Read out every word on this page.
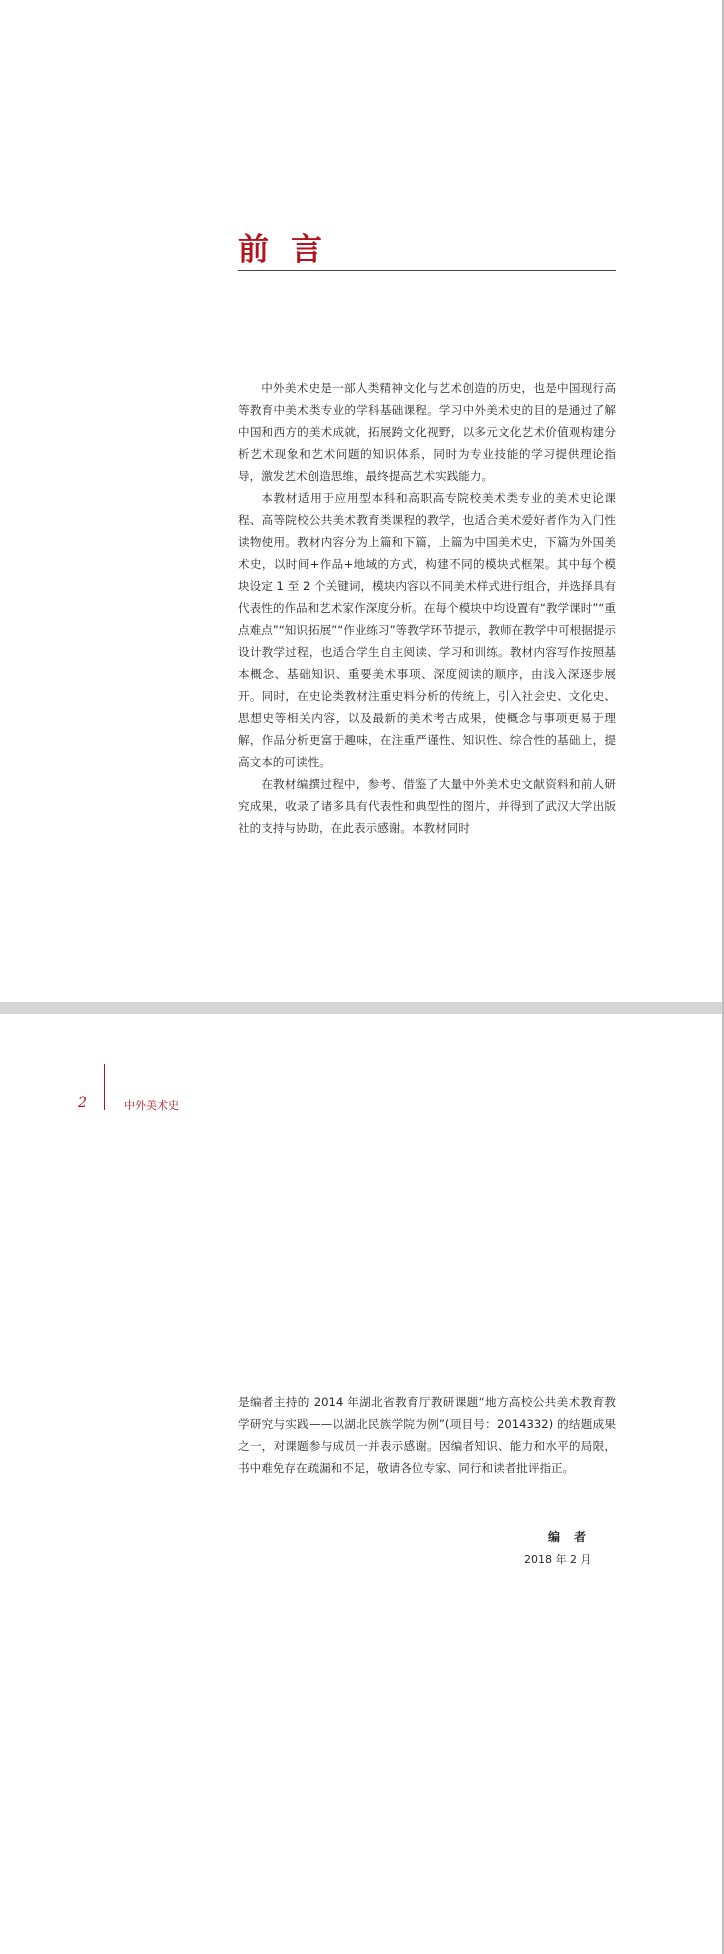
前言

中外美术史是一部人类精神文化与艺术创造的历史，也是中国现行高等教育中美术类专业的学科基础课程。学习中外美术史的目的是通过了解中国和西方的美术成就，拓展跨文化视野，以多元文化艺术价值观构建分析艺术现象和艺术问题的知识体系，同时为专业技能的学习提供理论指导，激发艺术创造思维，最终提高艺术实践能力。

本教材适用于应用型本科和高职高专院校美术类专业的美术史论课程、高等院校公共美术教育类课程的教学，也适合美术爱好者作为入门性读物使用。教材内容分为上篇和下篇，上篇为中国美术史，下篇为外国美术史，以时间+作品+地域的方式，构建不同的模块式框架。其中每个模块设定 1 至 2 个关键词，模块内容以不同美术样式进行组合，并选择具有代表性的作品和艺术家作深度分析。在每个模块中均设置有“教学课时”“重点难点”“知识拓展”“作业练习”等教学环节提示，教师在教学中可根据提示设计教学过程，也适合学生自主阅读、学习和训练。教材内容写作按照基本概念、基础知识、重要美术事项、深度阅读的顺序，由浅入深逐步展开。同时，在史论类教材注重史料分析的传统上，引入社会史、文化史、思想史等相关内容，以及最新的美术考古成果，使概念与事项更易于理解，作品分析更富于趣味，在注重严谨性、知识性、综合性的基础上，提高文本的可读性。

在教材编撰过程中，参考、借鉴了大量中外美术史文献资料和前人研究成果，收录了诸多具有代表性和典型性的图片，并得到了武汉大学出版社的支持与协助，在此表示感谢。本教材同时

2	中外美术史

是编者主持的 2014 年湖北省教育厅教研课题“地方高校公共美术教育教学研究与实践——以湖北民族学院为例”(项目号：2014332) 的结题成果之一，对课题参与成员一并表示感谢。因编者知识、能力和水平的局限，书中难免存在疏漏和不足，敬请各位专家、同行和读者批评指正。

编者
2018 年 2 月
